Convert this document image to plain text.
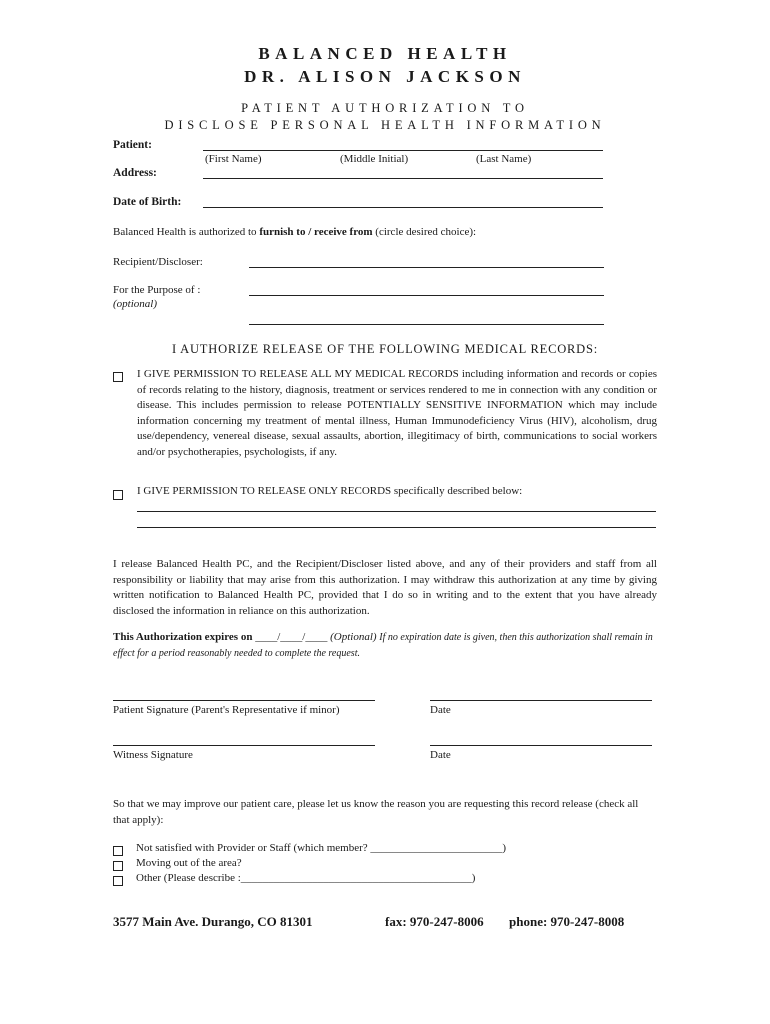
BALANCED HEALTH
DR. ALISON JACKSON
PATIENT AUTHORIZATION TO
DISCLOSE PERSONAL HEALTH INFORMATION
Patient:
(First Name)	(Middle Initial)	(Last Name)
Address:
Date of Birth:
Balanced Health is authorized to furnish to / receive from (circle desired choice):
Recipient/Discloser:
For the Purpose of :
(optional)
I AUTHORIZE RELEASE OF THE FOLLOWING MEDICAL RECORDS:
I GIVE PERMISSION TO RELEASE ALL MY MEDICAL RECORDS including information and records or copies of records relating to the history, diagnosis, treatment or services rendered to me in connection with any condition or disease. This includes permission to release POTENTIALLY SENSITIVE INFORMATION which may include information concerning my treatment of mental illness, Human Immunodeficiency Virus (HIV), alcoholism, drug use/dependency, venereal disease, sexual assaults, abortion, illegitimacy of birth, communications to social workers and/or psychotherapies, psychologists, if any.
I GIVE PERMISSION TO RELEASE ONLY RECORDS specifically described below:
I release Balanced Health PC, and the Recipient/Discloser listed above, and any of their providers and staff from all responsibility or liability that may arise from this authorization. I may withdraw this authorization at any time by giving written notification to Balanced Health PC, provided that I do so in writing and to the extent that you have already disclosed the information in reliance on this authorization.
This Authorization expires on ____/____/____ (Optional) If no expiration date is given, then this authorization shall remain in effect for a period reasonably needed to complete the request.
Patient Signature (Parent's Representative if minor)	Date
Witness Signature	Date
So that we may improve our patient care, please let us know the reason you are requesting this record release (check all that apply):
Not satisfied with Provider or Staff (which member? ________________________)
Moving out of the area?
Other (Please describe :__________________________________________)
3577 Main Ave. Durango, CO 81301	fax: 970-247-8006 phone: 970-247-8008
